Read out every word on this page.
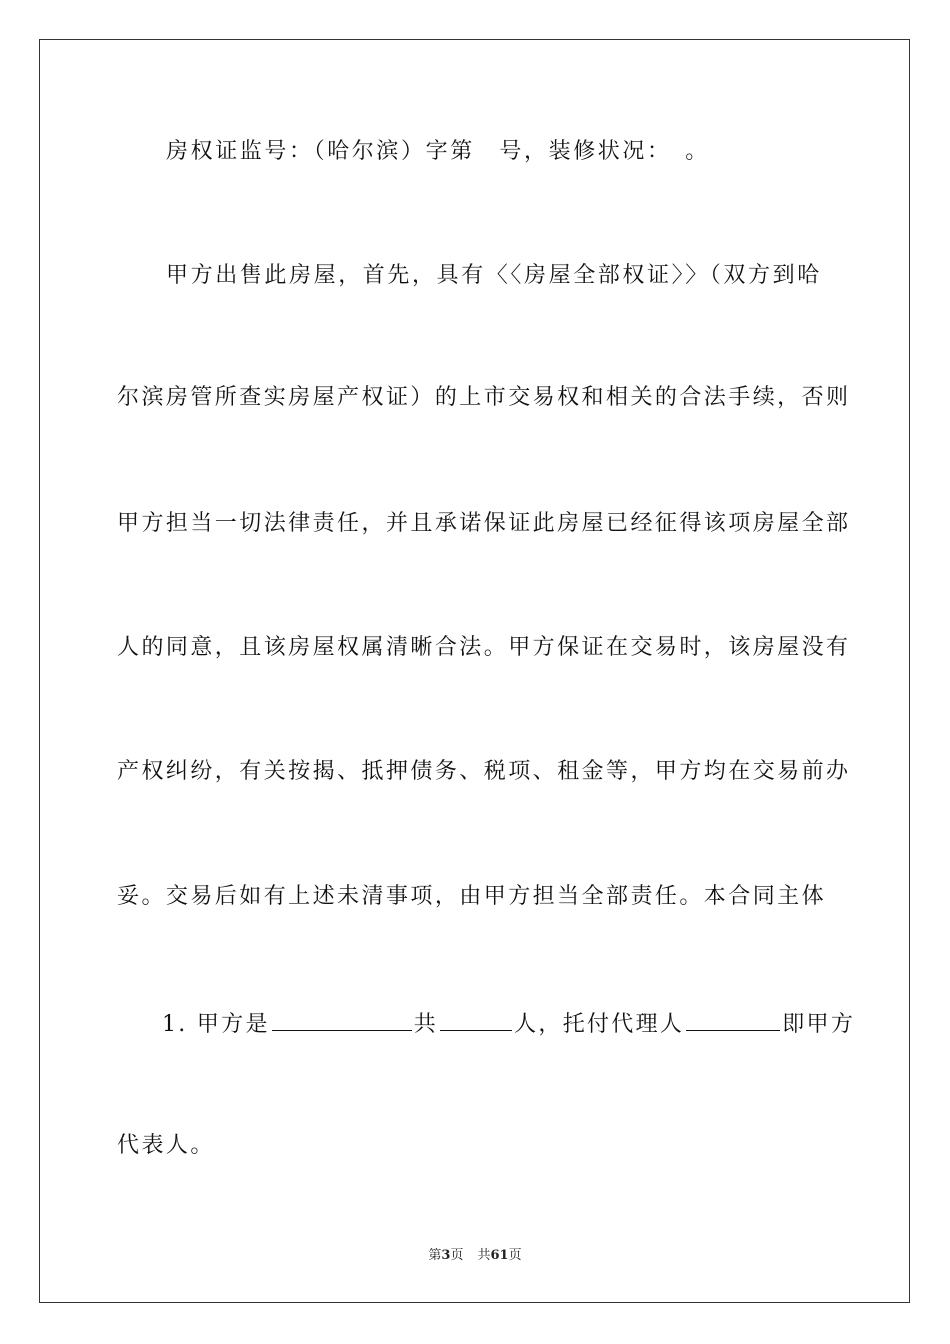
房权证监号：（哈尔滨）字第　号，装修状况：　。
甲方出售此房屋，首先，具有〈〈房屋全部权证〉〉（双方到哈
尔滨房管所查实房屋产权证）的上市交易权和相关的合法手续，否则
甲方担当一切法律责任，并且承诺保证此房屋已经征得该项房屋全部
人的同意，且该房屋权属清晰合法。甲方保证在交易时，该房屋没有
产权纠纷，有关按揭、抵押债务、税项、租金等，甲方均在交易前办
妥。交易后如有上述未清事项，由甲方担当全部责任。本合同主体
1. 甲方是	共	人，托付代理人	即甲方
代表人。
第3页 共61页
